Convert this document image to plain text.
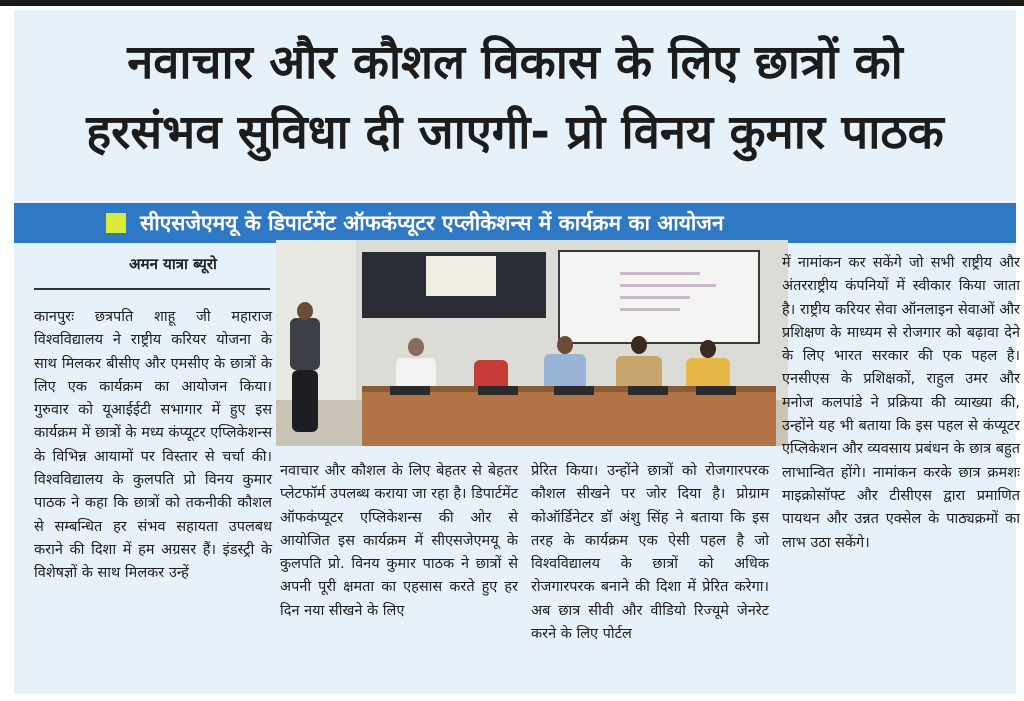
नवाचार और कौशल विकास के लिए छात्रों को
हरसंभव सुविधा दी जाएगी- प्रो विनय कुमार पाठक
सीएसजेएमयू के डिपार्टमेंट ऑफकंप्यूटर एप्लीकेशन्स में कार्यक्रम का आयोजन
अमन यात्रा ब्यूरो
कानपुरः छत्रपति शाहू जी महाराज विश्वविद्यालय ने राष्ट्रीय करियर योजना के साथ मिलकर बीसीए और एमसीए के छात्रों के लिए एक कार्यक्रम का आयोजन किया। गुरुवार को यूआईईटी सभागार में हुए इस कार्यक्रम में छात्रों के मध्य कंप्यूटर एप्लिकेशन्स के विभिन्न आयामों पर विस्तार से चर्चा की। विश्वविद्यालय के कुलपति प्रो विनय कुमार पाठक ने कहा कि छात्रों को तकनीकी कौशल से सम्बन्धित हर संभव सहायता उपलबध कराने की दिशा में हम अग्रसर हैं। इंडस्ट्री के विशेषज्ञों के साथ मिलकर उन्हें
नवाचार और कौशल के लिए बेहतर से बेहतर प्लेटफॉर्म उपलब्ध कराया जा रहा है। डिपार्टमेंट ऑफकंप्यूटर एप्लिकेशन्स की ओर से आयोजित इस कार्यक्रम में सीएसजेएमयू के कुलपति प्रो. विनय कुमार पाठक ने छात्रों से अपनी पूरी क्षमता का एहसास करते हुए हर दिन नया सीखने के लिए
प्रेरित किया। उन्होंने छात्रों को रोजगारपरक कौशल सीखने पर जोर दिया है। प्रोग्राम कोऑर्डिनेटर डॉ अंशु सिंह ने बताया कि इस तरह के कार्यक्रम एक ऐसी पहल है जो विश्वविद्यालय के छात्रों को अधिक रोजगारपरक बनाने की दिशा में प्रेरित करेगा। अब छात्र सीवी और वीडियो रिज्यूमे जेनरेट करने के लिए पोर्टल
में नामांकन कर सकेंगे जो सभी राष्ट्रीय और अंतरराष्ट्रीय कंपनियों में स्वीकार किया जाता है। राष्ट्रीय करियर सेवा ऑनलाइन सेवाओं और प्रशिक्षण के माध्यम से रोजगार को बढ़ावा देने के लिए भारत सरकार की एक पहल है। एनसीएस के प्रशिक्षकों, राहुल उमर और मनोज कलपांडे ने प्रक्रिया की व्याख्या की, उन्होंने यह भी बताया कि इस पहल से कंप्यूटर एप्लिकेशन और व्यवसाय प्रबंधन के छात्र बहुत लाभान्वित होंगे। नामांकन करके छात्र क्रमशः माइक्रोसॉफ्ट और टीसीएस द्वारा प्रमाणित पायथन और उन्नत एक्सेल के पाठ्यक्रमों का लाभ उठा सकेंगे।
